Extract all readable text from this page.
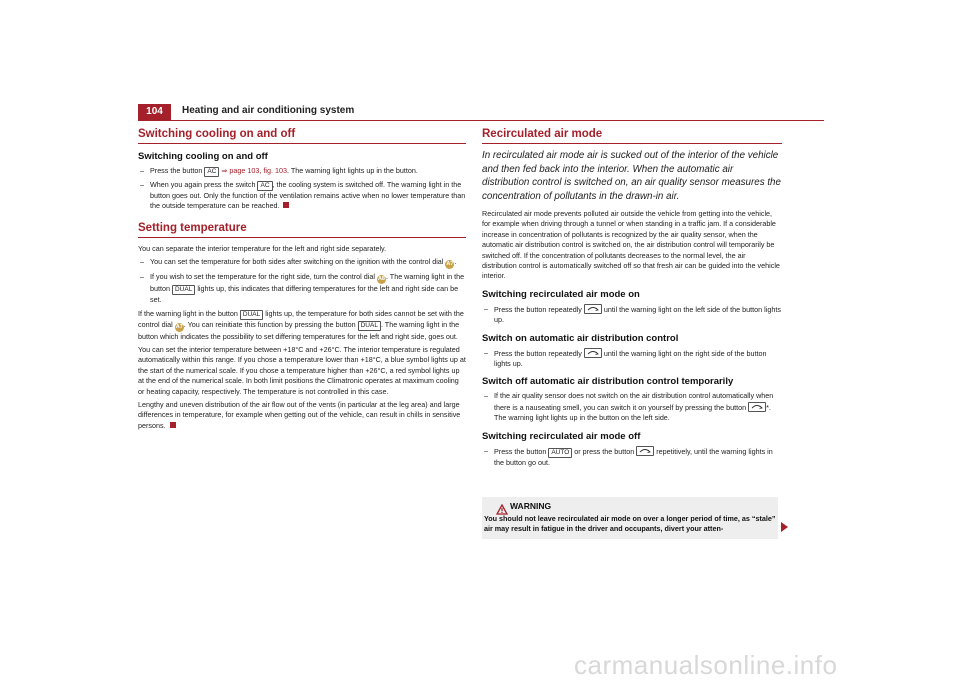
104	Heating and air conditioning system
Switching cooling on and off
Switching cooling on and off
– Press the button AC ⇒ page 103, fig. 103. The warning light lights up in the button.
– When you again press the switch AC , the cooling system is switched off. The warning light in the button goes out. Only the function of the ventilation remains active when no lower temperature than the outside temperature can be reached.
Setting temperature

You can separate the interior temperature for the left and right side separately.

– You can set the temperature for both sides after switching on the ignition with the control dial A7.
– If you wish to set the temperature for the right side, turn the control dial A8. The warning light in the button DUAL lights up, this indicates that differing temperatures for the left and right side can be set.

If the warning light in the button DUAL lights up, the temperature for both sides cannot be set with the control dial A7. You can reinitiate this function by pressing the button DUAL . The warning light in the button which indicates the possibility to set differing temperatures for the left and right side, goes out.

You can set the interior temperature between +18°C and +26°C. The interior temperature is regulated automatically within this range. If you chose a temperature lower than +18°C, a blue symbol lights up at the start of the numerical scale. If you chose a temperature higher than +26°C, a red symbol lights up at the end of the numerical scale. In both limit positions the Climatronic operates at maximum cooling or heating capacity, respectively. The temperature is not controlled in this case.

Lengthy and uneven distribution of the air flow out of the vents (in particular at the leg area) and large differences in temperature, for example when getting out of the vehicle, can result in chills in sensitive persons.

Recirculated air mode

In recirculated air mode air is sucked out of the interior of the vehicle and then fed back into the interior. When the automatic air distribution control is switched on, an air quality sensor measures the concentration of pollutants in the drawn-in air.

Recirculated air mode prevents polluted air outside the vehicle from getting into the vehicle, for example when driving through a tunnel or when standing in a traffic jam. If a considerable increase in concentration of pollutants is recognized by the air quality sensor, when the automatic air distribution control is switched on, the air distribution control will temporarily be switched off. If the concentration of pollutants decreases to the normal level, the air distribution control is automatically switched off so that fresh air can be guided into the vehicle interior.

Switching recirculated air mode on
– Press the button repeatedly	until the warning light on the left side of the button lights up.
Switch on automatic air distribution control
– Press the button repeatedly	until the warning light on the right side of the button lights up.
Switch off automatic air distribution control temporarily
– If the air quality sensor does not switch on the air distribution control automatically when there is a nauseating smell, you can switch it on yourself by pressing the button	*. The warning light lights up in the button on the left side.
Switching recirculated air mode off
– Press the button AUTO or press the button	repetitively, until the warning lights in the button go out.
WARNING
You should not leave recirculated air mode on over a longer period of time, as “stale” air may result in fatigue in the driver and occupants, divert your atten-
carmanualsonline.info
